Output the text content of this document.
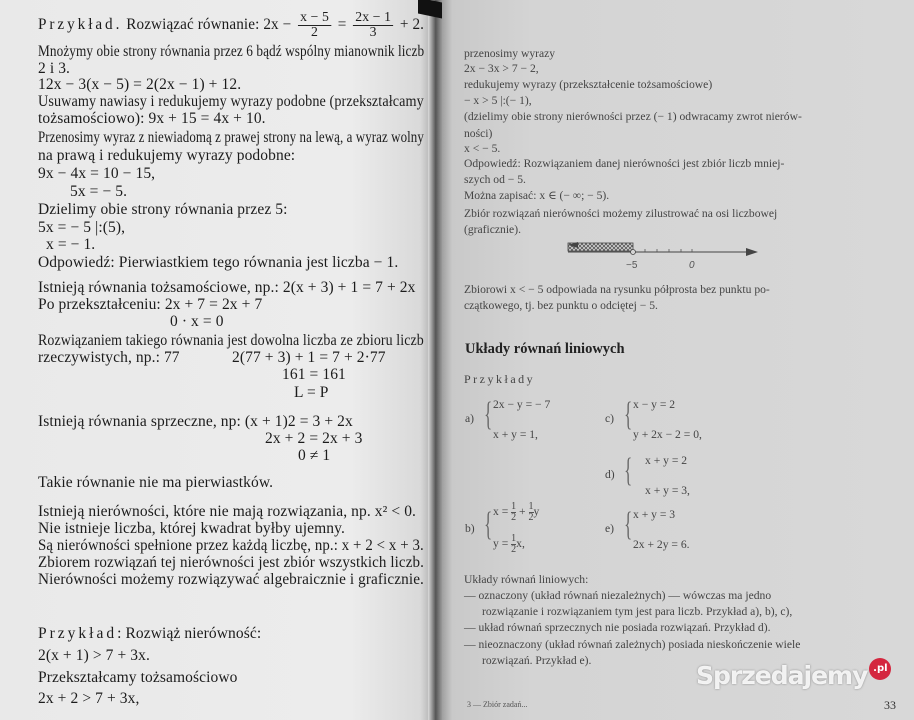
Przykład. Rozwiązać równanie: $2x - \frac{x - 5}{2} = \frac{2x - 1}{3} + 2$.
Mnożymy obie strony równania przez 6 bądź wspólny mianownik liczb
2 i 3.
12x − 3(x − 5) = 2(2x − 1) + 12.
Usuwamy nawiasy i redukujemy wyrazy podobne (przekształcamy
tożsamościowo): 9x + 15 = 4x + 10.
Przenosimy wyraz z niewiadomą z prawej strony na lewą, a wyraz wolny
na prawą i redukujemy wyrazy podobne:
9x − 4x = 10 − 15,
5x = − 5.
Dzielimy obie strony równania przez 5:
5x = − 5 |:(5),
x = − 1.
Odpowiedź: Pierwiastkiem tego równania jest liczba − 1.
Istnieją równania tożsamościowe, np.: 2(x + 3) + 1 = 7 + 2x
Po przekształceniu: 2x + 7 = 2x + 7
0 · x = 0
Rozwiązaniem takiego równania jest dowolna liczba ze zbioru liczb
rzeczywistych, np.: 77	2(77 + 3) + 1 = 7 + 2·77
161 = 161
L = P
Istnieją równania sprzeczne, np: (x + 1)2 = 3 + 2x
2x + 2 = 2x + 3
0 ≠ 1
Takie równanie nie ma pierwiastków.
Istnieją nierówności, które nie mają rozwiązania, np. x² < 0.
Nie istnieje liczba, której kwadrat byłby ujemny.
Są nierówności spełnione przez każdą liczbę, np.: x + 2 < x + 3.
Zbiorem rozwiązań tej nierówności jest zbiór wszystkich liczb.
Nierówności możemy rozwiązywać algebraicznie i graficznie.
Przykład: Rozwiąż nierówność:
2(x + 1) > 7 + 3x.
Przekształcamy tożsamościowo
2x + 2 > 7 + 3x,
przenosimy wyrazy
2x − 3x > 7 − 2,
redukujemy wyrazy (przekształcenie tożsamościowe)
− x > 5 |:(− 1),
(dzielimy obie strony nierówności przez (− 1) odwracamy zwrot nierów-
ności)
x < − 5.
Odpowiedź: Rozwiązaniem danej nierówności jest zbiór liczb mniej-
szych od − 5.
Można zapisać: x ∈ (− ∞; − 5).
Zbiór rozwiązań nierówności możemy zilustrować na osi liczbowej
(graficznie).
−5	0
Zbiorowi x < − 5 odpowiada na rysunku półprosta bez punktu po-
czątkowego, tj. bez punktu o odciętej − 5.
Układy równań liniowych
Przykłady
a) { 2x − y = − 7
x + y = 1,
c) { x − y = 2
y + 2x − 2 = 0,
d) { x + y = 2
x + y = 3,
b) { $x = \frac{1}{2} + \frac{1}{2}$ y
$y = \frac{1}{2} x$,
e) { x + y = 3
2x + 2y = 6.
Układy równań liniowych:
— oznaczony (układ równań niezależnych) — wówczas ma jedno
rozwiązanie i rozwiązaniem tym jest para liczb. Przykład a), b), c),
— układ równań sprzecznych nie posiada rozwiązań. Przykład d).
— nieoznaczony (układ równań zależnych) posiada nieskończenie wiele
rozwiązań. Przykład e).
3 — Zbiór zadań...	33
Sprzedajemy .pl
